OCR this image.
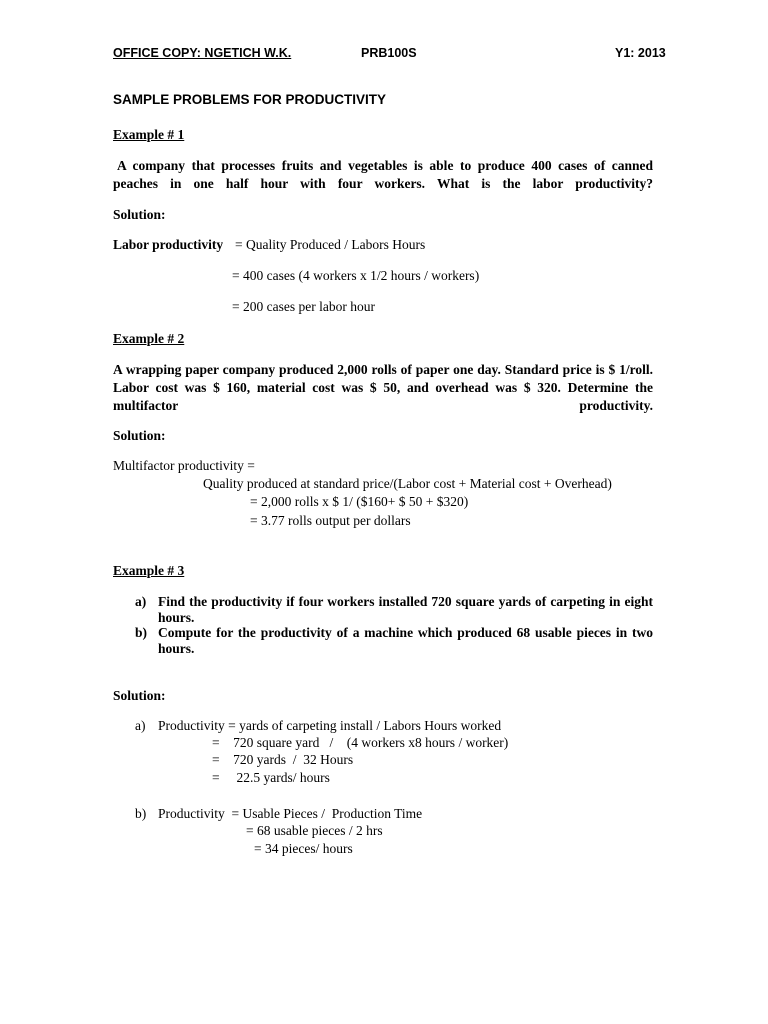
OFFICE COPY: NGETICH W.K.	PRB100S	Y1: 2013
SAMPLE PROBLEMS FOR PRODUCTIVITY
Example # 1
A company that processes fruits and vegetables is able to produce 400 cases of canned peaches in one half hour with four workers. What is the labor productivity?
Solution:
Labor productivity = Quality Produced / Labors Hours
= 400 cases (4 workers x 1/2 hours / workers)
= 200 cases per labor hour
Example # 2
A wrapping paper company produced 2,000 rolls of paper one day. Standard price is $ 1/roll. Labor cost was $ 160, material cost was $ 50, and overhead was $ 320. Determine the multifactor productivity.
Solution:
Multifactor productivity =
Quality produced at standard price/(Labor cost + Material cost + Overhead)
= 2,000 rolls x $ 1/ ($160+ $ 50 + $320)
= 3.77 rolls output per dollars
Example # 3
a) Find the productivity if four workers installed 720 square yards of carpeting in eight hours.
b) Compute for the productivity of a machine which produced 68 usable pieces in two hours.
Solution:
a) Productivity = yards of carpeting install / Labors Hours worked
=    720 square yard   /    (4 workers x8 hours / worker)
=    720 yards  /  32 Hours
=     22.5 yards/ hours
b) Productivity  = Usable Pieces /  Production Time
= 68 usable pieces / 2 hrs
= 34 pieces/ hours
